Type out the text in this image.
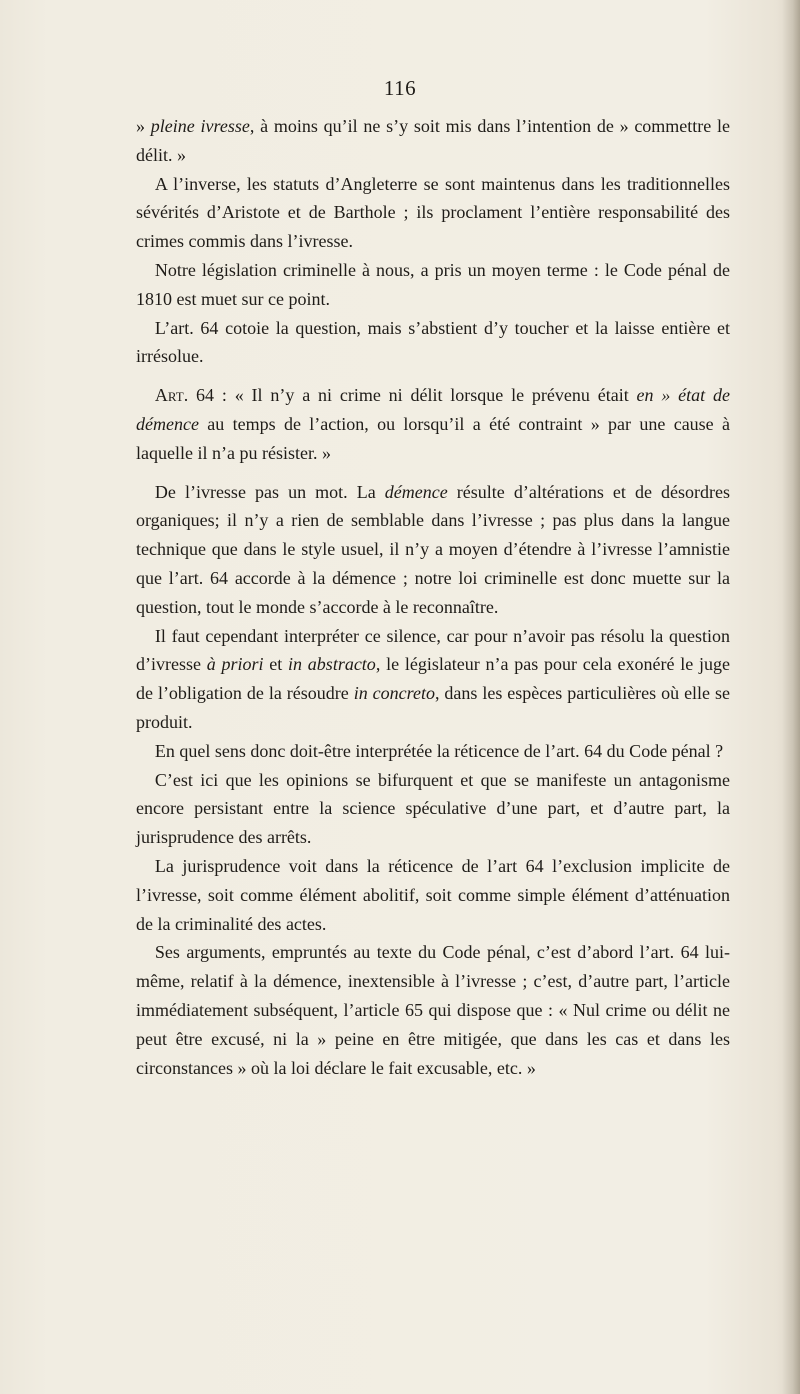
116

» pleine ivresse, à moins qu’il ne s’y soit mis dans l’intention de » commettre le délit. »

A l’inverse, les statuts d’Angleterre se sont maintenus dans les traditionnelles sévérités d’Aristote et de Barthole ; ils proclament l’entière responsabilité des crimes commis dans l’ivresse.

Notre législation criminelle à nous, a pris un moyen terme : le Code pénal de 1810 est muet sur ce point.

L’art. 64 cotoie la question, mais s’abstient d’y toucher et la laisse entière et irrésolue.

Art. 64 : « Il n’y a ni crime ni délit lorsque le prévenu était en » état de démence au temps de l’action, ou lorsqu’il a été contraint » par une cause à laquelle il n’a pu résister. »

De l’ivresse pas un mot. La démence résulte d’altérations et de désordres organiques; il n’y a rien de semblable dans l’ivresse ; pas plus dans la langue technique que dans le style usuel, il n’y a moyen d’étendre à l’ivresse l’amnistie que l’art. 64 accorde à la démence ; notre loi criminelle est donc muette sur la question, tout le monde s’accorde à le reconnaître.

Il faut cependant interpréter ce silence, car pour n’avoir pas résolu la question d’ivresse à priori et in abstracto, le législateur n’a pas pour cela exonéré le juge de l’obligation de la résoudre in concreto, dans les espèces particulières où elle se produit.

En quel sens donc doit-être interprétée la réticence de l’art. 64 du Code pénal ?

C’est ici que les opinions se bifurquent et que se manifeste un antagonisme encore persistant entre la science spéculative d’une part, et d’autre part, la jurisprudence des arrêts.

La jurisprudence voit dans la réticence de l’art 64 l’exclusion implicite de l’ivresse, soit comme élément abolitif, soit comme simple élément d’atténuation de la criminalité des actes.

Ses arguments, empruntés au texte du Code pénal, c’est d’abord l’art. 64 lui-même, relatif à la démence, inextensible à l’ivresse ; c’est, d’autre part, l’article immédiatement subséquent, l’article 65 qui dispose que : « Nul crime ou délit ne peut être excusé, ni la » peine en être mitigée, que dans les cas et dans les circonstances » où la loi déclare le fait excusable, etc. »
